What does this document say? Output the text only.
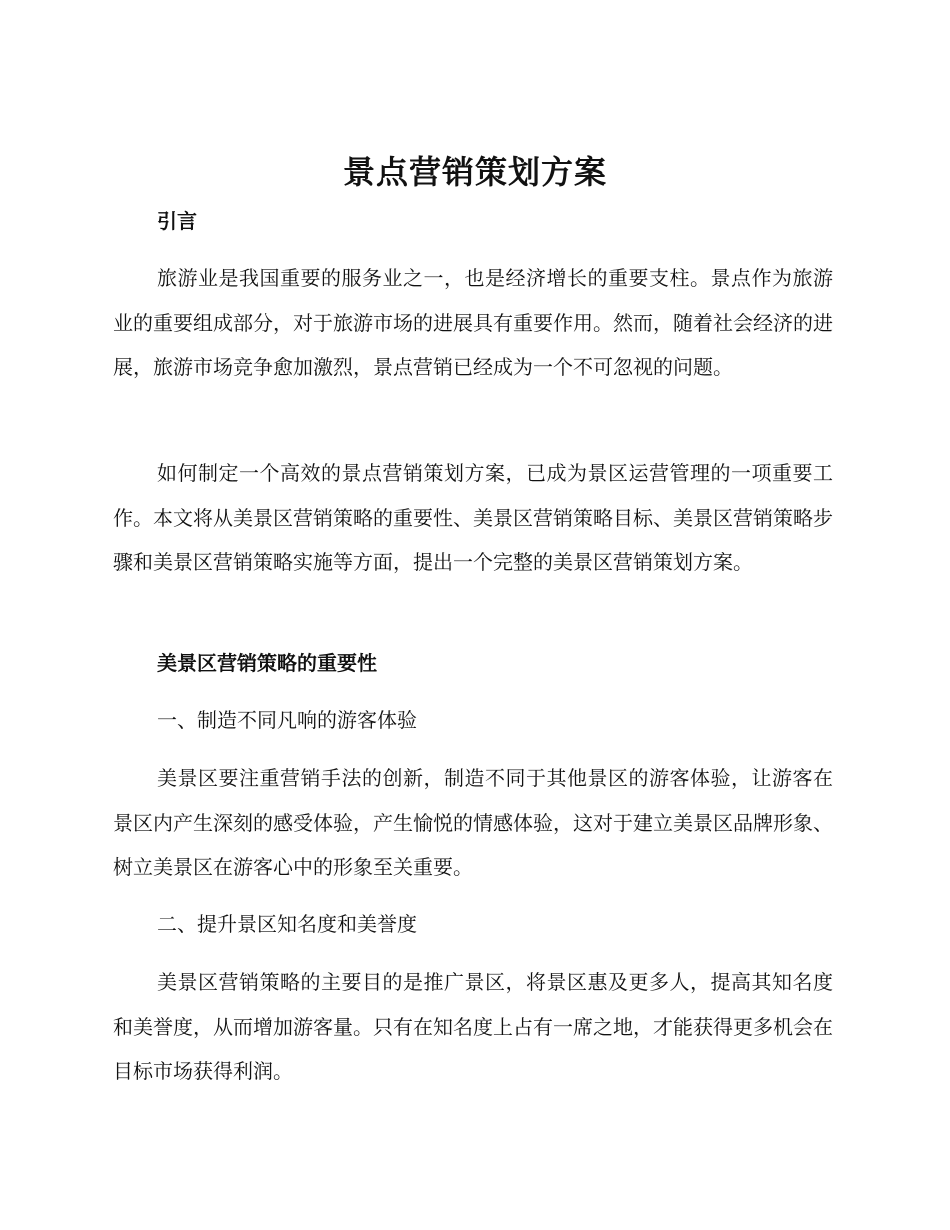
景点营销策划方案
引言
旅游业是我国重要的服务业之一，也是经济增长的重要支柱。景点作为旅游业的重要组成部分，对于旅游市场的进展具有重要作用。然而，随着社会经济的进展，旅游市场竞争愈加激烈，景点营销已经成为一个不可忽视的问题。
如何制定一个高效的景点营销策划方案，已成为景区运营管理的一项重要工作。本文将从美景区营销策略的重要性、美景区营销策略目标、美景区营销策略步骤和美景区营销策略实施等方面，提出一个完整的美景区营销策划方案。
美景区营销策略的重要性
一、制造不同凡响的游客体验
美景区要注重营销手法的创新，制造不同于其他景区的游客体验，让游客在景区内产生深刻的感受体验，产生愉悦的情感体验，这对于建立美景区品牌形象、树立美景区在游客心中的形象至关重要。
二、提升景区知名度和美誉度
美景区营销策略的主要目的是推广景区，将景区惠及更多人，提高其知名度和美誉度，从而增加游客量。只有在知名度上占有一席之地，才能获得更多机会在目标市场获得利润。
